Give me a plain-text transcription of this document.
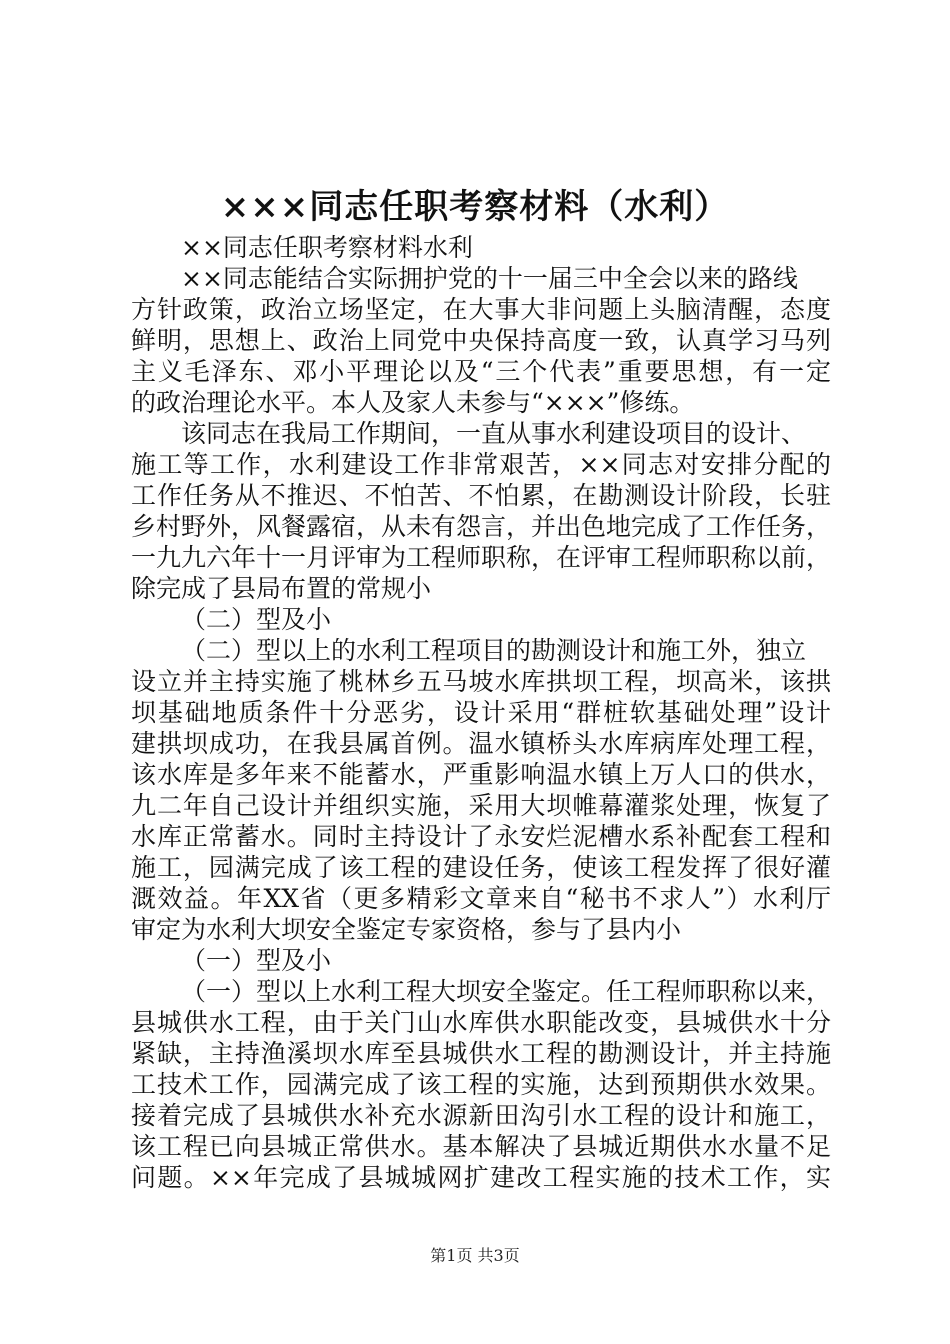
×××同志任职考察材料（水利）
××同志任职考察材料水利
××同志能结合实际拥护党的十一届三中全会以来的路线
方针政策，政治立场坚定，在大事大非问题上头脑清醒，态度
鲜明，思想上、政治上同党中央保持高度一致，认真学习马列
主义毛泽东、邓小平理论以及“三个代表”重要思想，有一定
的政治理论水平。本人及家人未参与“×××”修练。
该同志在我局工作期间，一直从事水利建设项目的设计、
施工等工作，水利建设工作非常艰苦，××同志对安排分配的
工作任务从不推迟、不怕苦、不怕累，在勘测设计阶段，长驻
乡村野外，风餐露宿，从未有怨言，并出色地完成了工作任务，
一九九六年十一月评审为工程师职称，在评审工程师职称以前，
除完成了县局布置的常规小
（二）型及小
（二）型以上的水利工程项目的勘测设计和施工外，独立
设立并主持实施了桃林乡五马坡水库拱坝工程，坝高米，该拱
坝基础地质条件十分恶劣，设计采用“群桩软基础处理”设计
建拱坝成功，在我县属首例。温水镇桥头水库病库处理工程，
该水库是多年来不能蓄水，严重影响温水镇上万人口的供水，
九二年自己设计并组织实施，采用大坝帷幕灌浆处理，恢复了
水库正常蓄水。同时主持设计了永安烂泥槽水系补配套工程和
施工，园满完成了该工程的建设任务，使该工程发挥了很好灌
溉效益。年XX省（更多精彩文章来自“秘书不求人”）水利厅
审定为水利大坝安全鉴定专家资格，参与了县内小
（一）型及小
（一）型以上水利工程大坝安全鉴定。任工程师职称以来，
县城供水工程，由于关门山水库供水职能改变，县城供水十分
紧缺，主持渔溪坝水库至县城供水工程的勘测设计，并主持施
工技术工作，园满完成了该工程的实施，达到预期供水效果。
接着完成了县城供水补充水源新田沟引水工程的设计和施工，
该工程已向县城正常供水。基本解决了县城近期供水水量不足
问题。××年完成了县城城网扩建改工程实施的技术工作，实
第1页 共3页
